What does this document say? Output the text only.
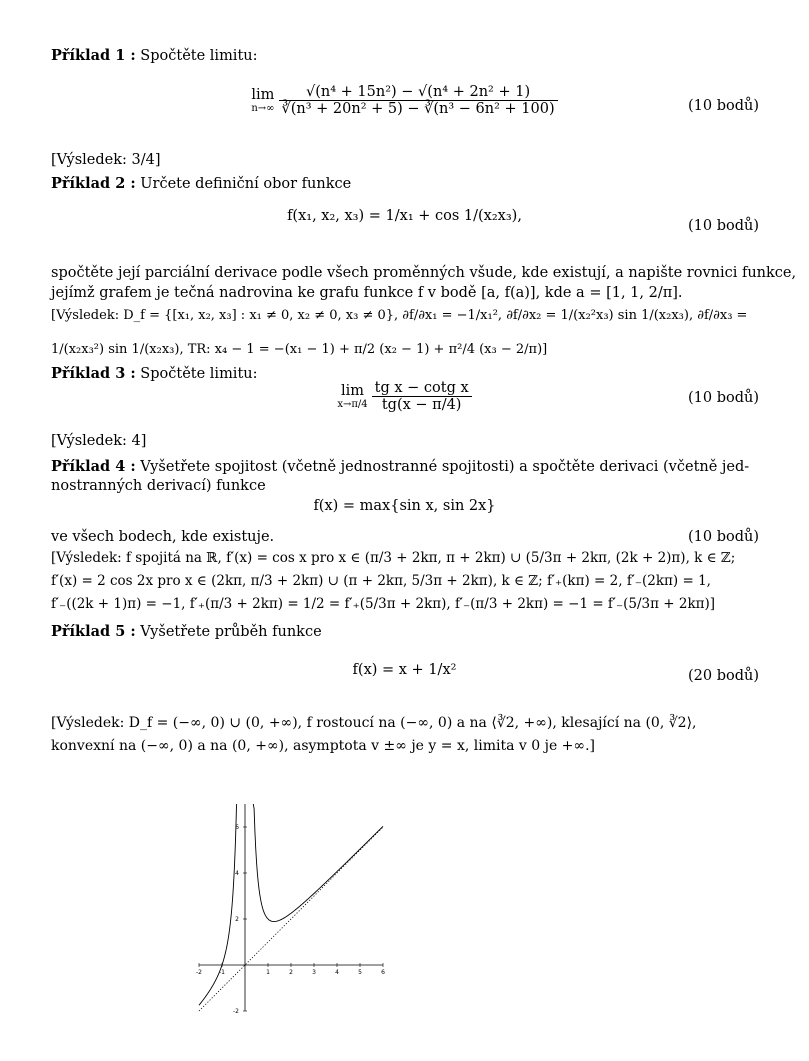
Příklad 1 : Spočtěte limitu:
lim
$n\to\infty \frac{\text{√(n⁴ + 15n²) − √(n⁴ + 2n² + 1)}}{\text{∛(n³ + 20n² + 5) − ∛(n³ − 6n² + 100)}}$	(10 bodů)
[Výsledek: 3/4]
Příklad 2 : Určete definiční obor funkce
f(x₁, x₂, x₃) = 1/x₁ + cos 1/(x₂x₃),
(10 bodů)
spočtěte její parciální derivace podle všech proměnných všude, kde existují, a napište rovnici funkce,
jejímž grafem je tečná nadrovina ke grafu funkce f v bodě [a, f(a)], kde a = [1, 1, 2/π].
[Výsledek: D_f = {[x₁, x₂, x₃] : x₁ ≠ 0, x₂ ≠ 0, x₃ ≠ 0}, ∂f/∂x₁ = −1/x₁², ∂f/∂x₂ = 1/(x₂²x₃) sin 1/(x₂x₃), ∂f/∂x₃ =
1/(x₂x₃²) sin 1/(x₂x₃), TR: x₄ − 1 = −(x₁ − 1) + π/2 (x₂ − 1) + π²/4 (x₃ − 2/π)]
Příklad 3 : Spočtěte limitu:
lim
$x\to\pi/4 \frac{\text{tg x − cotg x}}{tg(x - \pi/4)}$	(10 bodů)
[Výsledek: 4]
Příklad 4 : Vyšetřete spojitost (včetně jednostranné spojitosti) a spočtěte derivaci (včetně jed-
nostranných derivací) funkce
f(x) = max{sin x, sin 2x}
ve všech bodech, kde existuje.	(10 bodů)
[Výsledek: f spojitá na ℝ, f′(x) = cos x pro x ∈ (π/3 + 2kπ, π + 2kπ) ∪ (5/3π + 2kπ, (2k + 2)π), k ∈ ℤ;
f′(x) = 2 cos 2x pro x ∈ (2kπ, π/3 + 2kπ) ∪ (π + 2kπ, 5/3π + 2kπ), k ∈ ℤ; f′₊(kπ) = 2, f′₋(2kπ) = 1,
f′₋((2k + 1)π) = −1, f′₊(π/3 + 2kπ) = 1/2 = f′₊(5/3π + 2kπ), f′₋(π/3 + 2kπ) = −1 = f′₋(5/3π + 2kπ)]
Příklad 5 : Vyšetřete průběh funkce
f(x) = x + 1/x²	(20 bodů)
[Výsledek: D_f = (−∞, 0) ∪ (0, +∞), f rostoucí na (−∞, 0) a na ⟨∛2, +∞), klesající na (0, ∛2⟩,
konvexní na (−∞, 0) a na (0, +∞), asymptota v ±∞ je y = x, limita v 0 je +∞.]
-2	-1	1	2	3	4	5	6
-2
2
4
6
